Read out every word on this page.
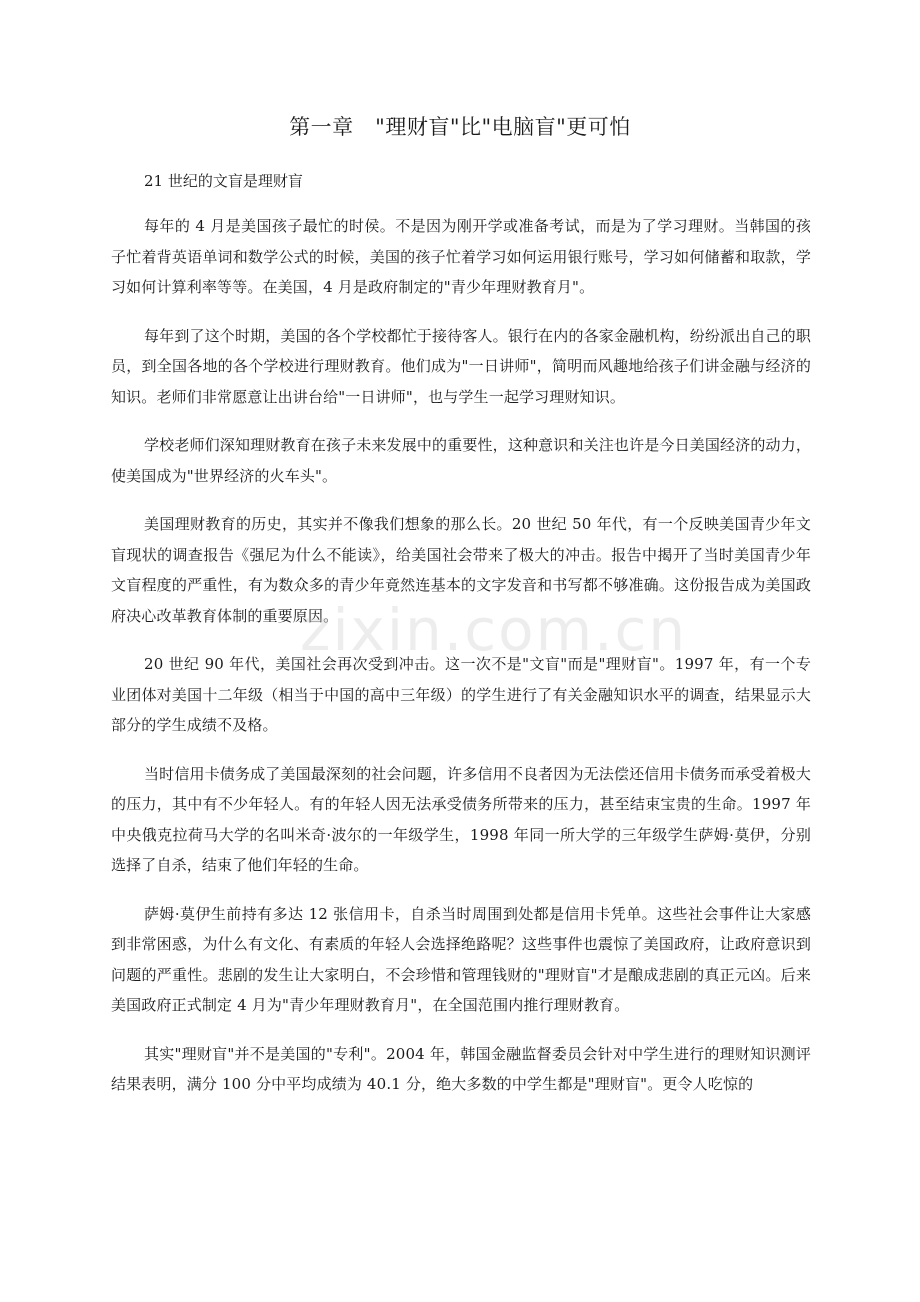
第一章　"理财盲"比"电脑盲"更可怕
21 世纪的文盲是理财盲

每年的 4 月是美国孩子最忙的时侯。不是因为刚开学或准备考试，而是为了学习理财。当韩国的孩子忙着背英语单词和数学公式的时候，美国的孩子忙着学习如何运用银行账号，学习如何储蓄和取款，学习如何计算利率等等。在美国，4 月是政府制定的"青少年理财教育月"。

每年到了这个时期，美国的各个学校都忙于接待客人。银行在内的各家金融机构，纷纷派出自己的职员，到全国各地的各个学校进行理财教育。他们成为"一日讲师"，简明而风趣地给孩子们讲金融与经济的知识。老师们非常愿意让出讲台给"一日讲师"，也与学生一起学习理财知识。

学校老师们深知理财教育在孩子未来发展中的重要性，这种意识和关注也许是今日美国经济的动力，使美国成为"世界经济的火车头"。

美国理财教育的历史，其实并不像我们想象的那么长。20 世纪 50 年代，有一个反映美国青少年文盲现状的调查报告《强尼为什么不能读》，给美国社会带来了极大的冲击。报告中揭开了当时美国青少年文盲程度的严重性，有为数众多的青少年竟然连基本的文字发音和书写都不够准确。这份报告成为美国政府决心改革教育体制的重要原因。

20 世纪 90 年代，美国社会再次受到冲击。这一次不是"文盲"而是"理财盲"。1997 年，有一个专业团体对美国十二年级（相当于中国的高中三年级）的学生进行了有关金融知识水平的调查，结果显示大部分的学生成绩不及格。

当时信用卡债务成了美国最深刻的社会问题，许多信用不良者因为无法偿还信用卡债务而承受着极大的压力，其中有不少年轻人。有的年轻人因无法承受债务所带来的压力，甚至结束宝贵的生命。1997 年中央俄克拉荷马大学的名叫米奇·波尔的一年级学生，1998 年同一所大学的三年级学生萨姆·莫伊，分别选择了自杀，结束了他们年轻的生命。

萨姆·莫伊生前持有多达 12 张信用卡，自杀当时周围到处都是信用卡凭单。这些社会事件让大家感到非常困惑，为什么有文化、有素质的年轻人会选择绝路呢？这些事件也震惊了美国政府，让政府意识到问题的严重性。悲剧的发生让大家明白，不会珍惜和管理钱财的"理财盲"才是酿成悲剧的真正元凶。后来美国政府正式制定 4 月为"青少年理财教育月"，在全国范围内推行理财教育。

其实"理财盲"并不是美国的"专利"。2004 年，韩国金融监督委员会针对中学生进行的理财知识测评结果表明，满分 100 分中平均成绩为 40.1 分，绝大多数的中学生都是"理财盲"。更令人吃惊的

zixin.com.cn
